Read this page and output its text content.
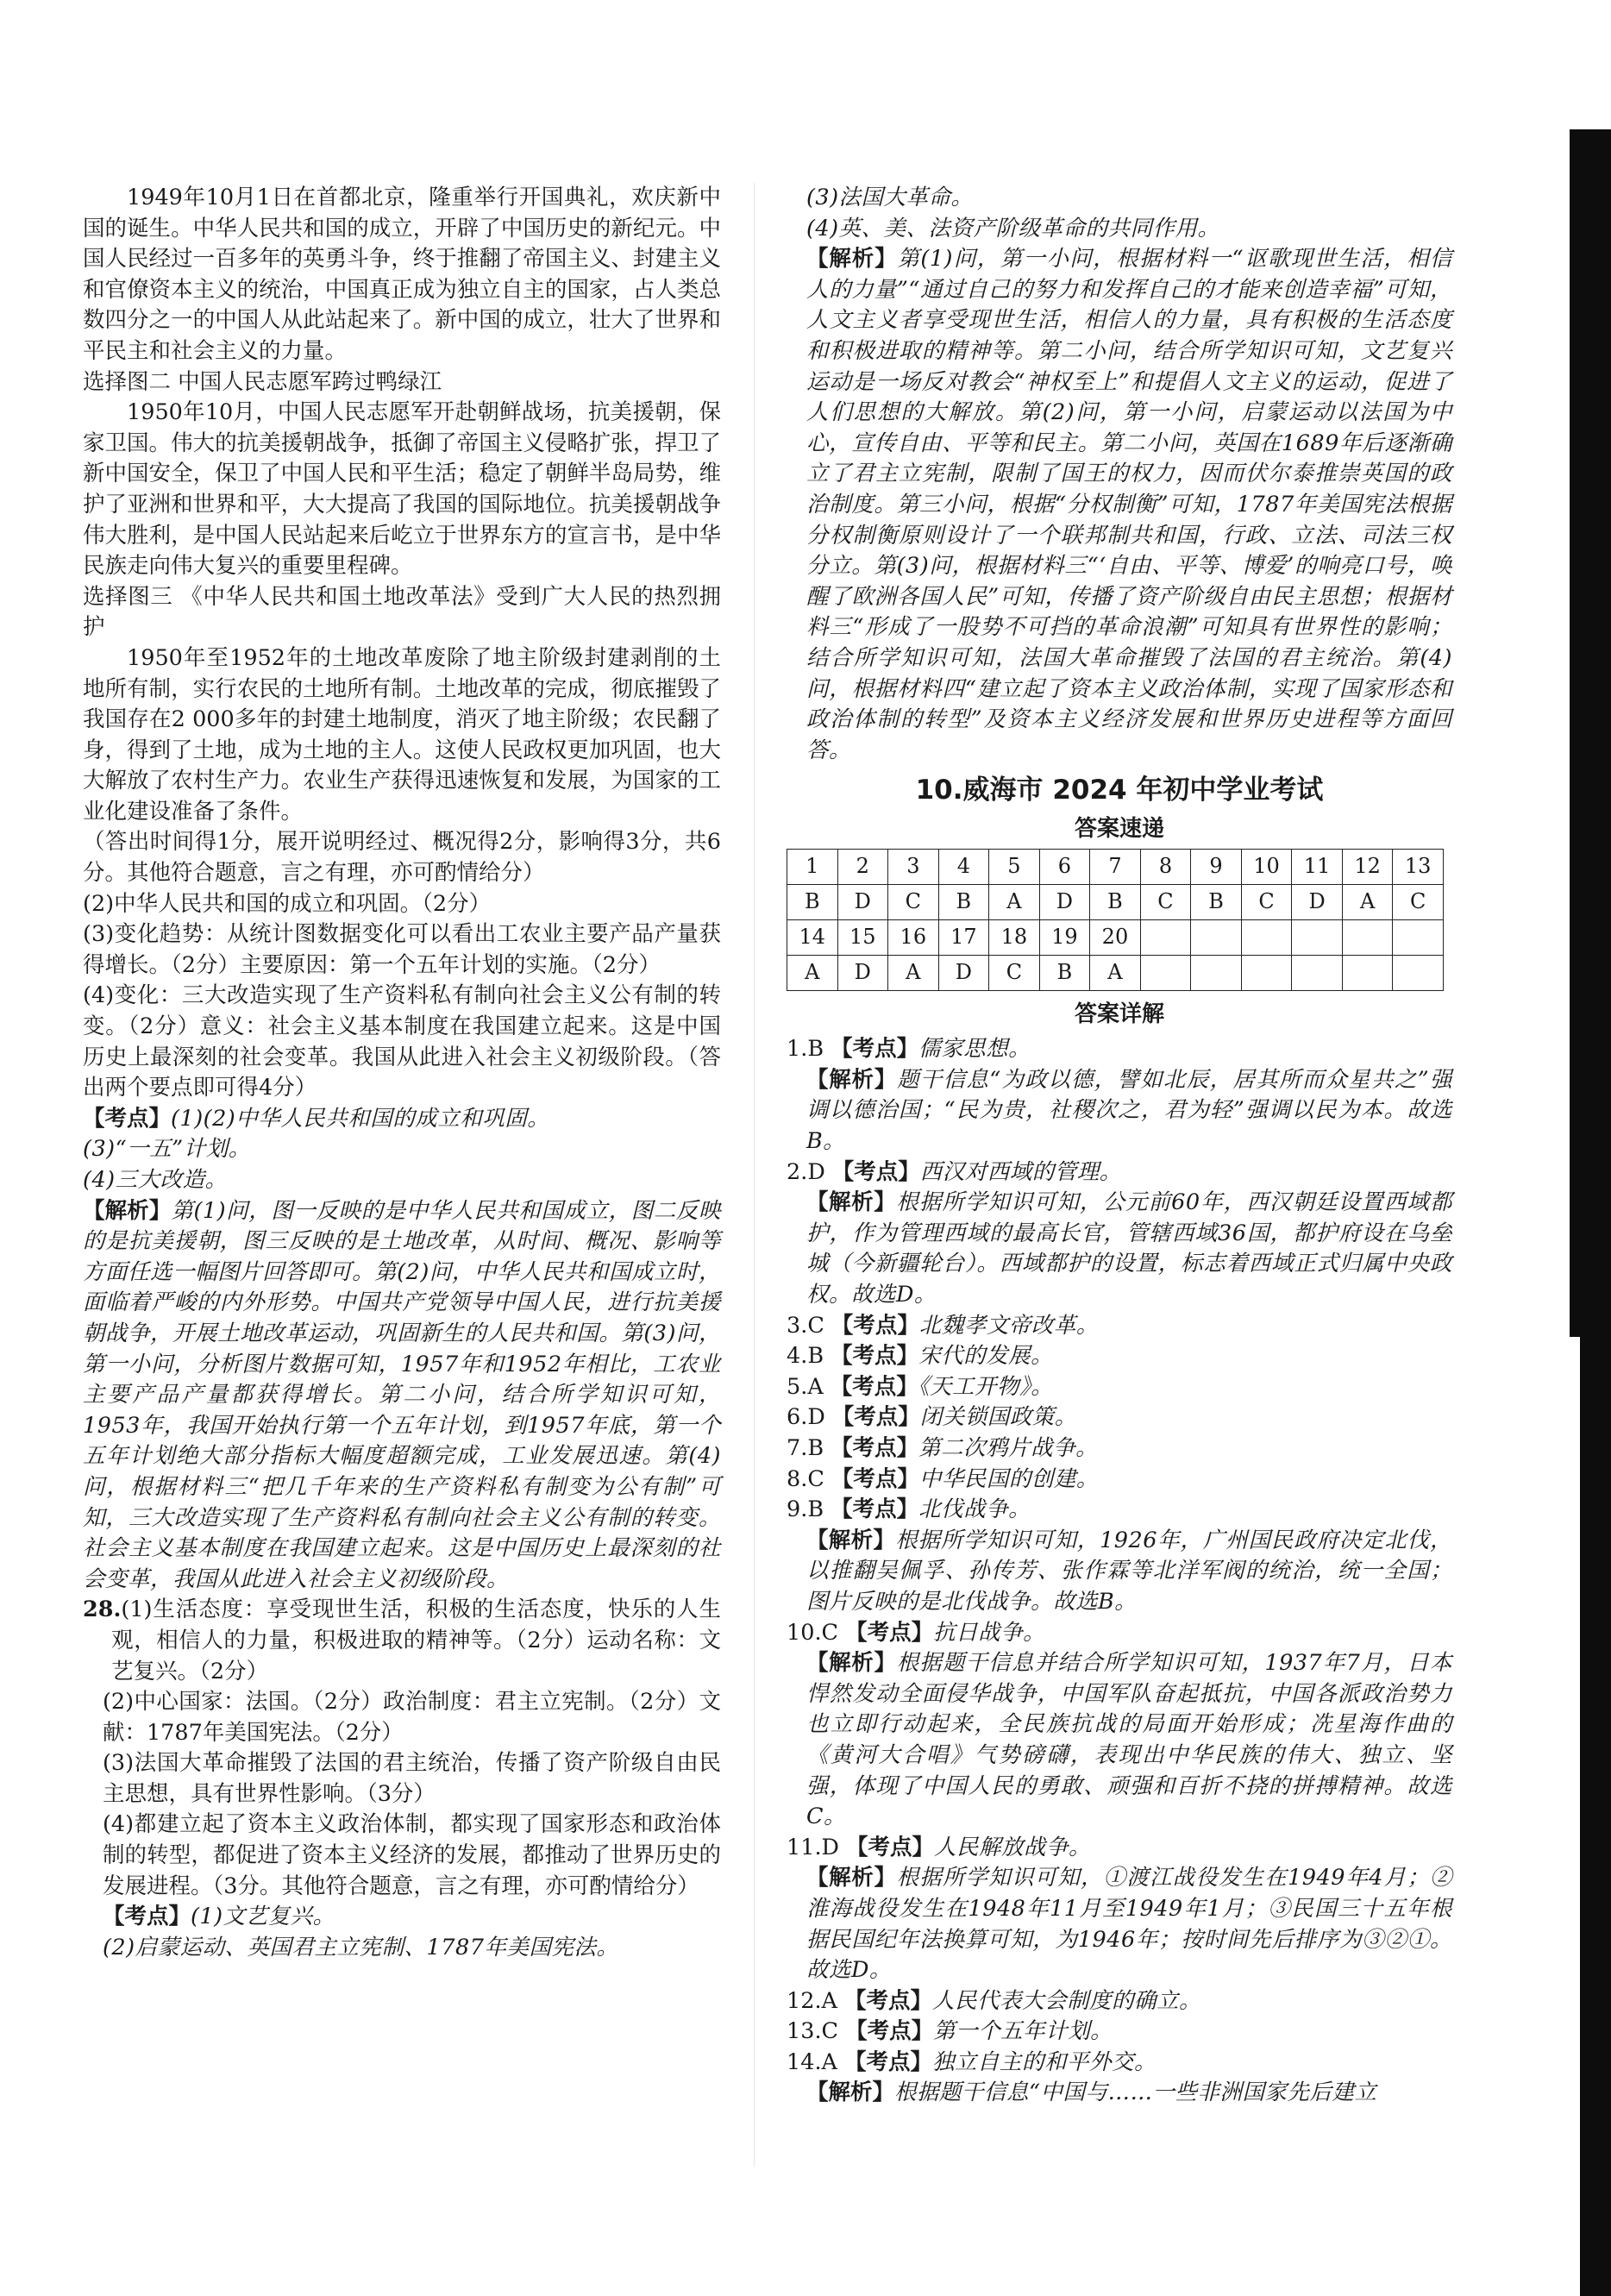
1949年10月1日在首都北京，隆重举行开国典礼，欢庆新中国的诞生。中华人民共和国的成立，开辟了中国历史的新纪元。中国人民经过一百多年的英勇斗争，终于推翻了帝国主义、封建主义和官僚资本主义的统治，中国真正成为独立自主的国家，占人类总数四分之一的中国人从此站起来了。新中国的成立，壮大了世界和平民主和社会主义的力量。

选择图二 中国人民志愿军跨过鸭绿江

1950年10月，中国人民志愿军开赴朝鲜战场，抗美援朝，保家卫国。伟大的抗美援朝战争，抵御了帝国主义侵略扩张，捍卫了新中国安全，保卫了中国人民和平生活；稳定了朝鲜半岛局势，维护了亚洲和世界和平，大大提高了我国的国际地位。抗美援朝战争伟大胜利，是中国人民站起来后屹立于世界东方的宣言书，是中华民族走向伟大复兴的重要里程碑。

选择图三 《中华人民共和国土地改革法》受到广大人民的热烈拥护

1950年至1952年的土地改革废除了地主阶级封建剥削的土地所有制，实行农民的土地所有制。土地改革的完成，彻底摧毁了我国存在2 000多年的封建土地制度，消灭了地主阶级；农民翻了身，得到了土地，成为土地的主人。这使人民政权更加巩固，也大大解放了农村生产力。农业生产获得迅速恢复和发展，为国家的工业化建设准备了条件。

（答出时间得1分，展开说明经过、概况得2分，影响得3分，共6分。其他符合题意，言之有理，亦可酌情给分）

(2)中华人民共和国的成立和巩固。（2分）

(3)变化趋势：从统计图数据变化可以看出工农业主要产品产量获得增长。（2分）主要原因：第一个五年计划的实施。（2分）

(4)变化：三大改造实现了生产资料私有制向社会主义公有制的转变。（2分）意义：社会主义基本制度在我国建立起来。这是中国历史上最深刻的社会变革。我国从此进入社会主义初级阶段。（答出两个要点即可得4分）

【考点】(1)(2)中华人民共和国的成立和巩固。

(3)“一五”计划。

(4)三大改造。

【解析】第(1)问，图一反映的是中华人民共和国成立，图二反映的是抗美援朝，图三反映的是土地改革，从时间、概况、影响等方面任选一幅图片回答即可。第(2)问，中华人民共和国成立时，面临着严峻的内外形势。中国共产党领导中国人民，进行抗美援朝战争，开展土地改革运动，巩固新生的人民共和国。第(3)问，第一小问，分析图片数据可知，1957年和1952年相比，工农业主要产品产量都获得增长。第二小问，结合所学知识可知，1953年，我国开始执行第一个五年计划，到1957年底，第一个五年计划绝大部分指标大幅度超额完成，工业发展迅速。第(4)问，根据材料三“把几千年来的生产资料私有制变为公有制”可知，三大改造实现了生产资料私有制向社会主义公有制的转变。社会主义基本制度在我国建立起来。这是中国历史上最深刻的社会变革，我国从此进入社会主义初级阶段。

28.(1)生活态度：享受现世生活，积极的生活态度，快乐的人生观，相信人的力量，积极进取的精神等。（2分）运动名称：文艺复兴。（2分）

(2)中心国家：法国。（2分）政治制度：君主立宪制。（2分）文献：1787年美国宪法。（2分）

(3)法国大革命摧毁了法国的君主统治，传播了资产阶级自由民主思想，具有世界性影响。（3分）

(4)都建立起了资本主义政治体制，都实现了国家形态和政治体制的转型，都促进了资本主义经济的发展，都推动了世界历史的发展进程。（3分。其他符合题意，言之有理，亦可酌情给分）

【考点】(1)文艺复兴。

(2)启蒙运动、英国君主立宪制、1787年美国宪法。

(3)法国大革命。

(4)英、美、法资产阶级革命的共同作用。

【解析】第(1)问，第一小问，根据材料一“讴歌现世生活，相信人的力量”“通过自己的努力和发挥自己的才能来创造幸福”可知，人文主义者享受现世生活，相信人的力量，具有积极的生活态度和积极进取的精神等。第二小问，结合所学知识可知，文艺复兴运动是一场反对教会“神权至上”和提倡人文主义的运动，促进了人们思想的大解放。第(2)问，第一小问，启蒙运动以法国为中心，宣传自由、平等和民主。第二小问，英国在1689年后逐渐确立了君主立宪制，限制了国王的权力，因而伏尔泰推崇英国的政治制度。第三小问，根据“分权制衡”可知，1787年美国宪法根据分权制衡原则设计了一个联邦制共和国，行政、立法、司法三权分立。第(3)问，根据材料三“‘自由、平等、博爱’的响亮口号，唤醒了欧洲各国人民”可知，传播了资产阶级自由民主思想；根据材料三“形成了一股势不可挡的革命浪潮”可知具有世界性的影响；结合所学知识可知，法国大革命摧毁了法国的君主统治。第(4)问，根据材料四“建立起了资本主义政治体制，实现了国家形态和政治体制的转型”及资本主义经济发展和世界历史进程等方面回答。

10.威海市 2024 年初中学业考试
答案速递
1	2	3	4	5	6	7	8	9	10	11	12	13
B	D	C	B	A	D	B	C	B	C	D	A	C
14	15	16	17	18	19	20						
A	D	A	D	C	B	A						
答案详解

1.B 【考点】儒家思想。

【解析】题干信息“为政以德，譬如北辰，居其所而众星共之”强调以德治国；“民为贵，社稷次之，君为轻”强调以民为本。故选B。

2.D 【考点】西汉对西域的管理。

【解析】根据所学知识可知，公元前60年，西汉朝廷设置西域都护，作为管理西域的最高长官，管辖西域36国，都护府设在乌垒城（今新疆轮台）。西域都护的设置，标志着西域正式归属中央政权。故选D。

3.C 【考点】北魏孝文帝改革。

4.B 【考点】宋代的发展。

5.A 【考点】《天工开物》。

6.D 【考点】闭关锁国政策。

7.B 【考点】第二次鸦片战争。

8.C 【考点】中华民国的创建。

9.B 【考点】北伐战争。

【解析】根据所学知识可知，1926年，广州国民政府决定北伐，以推翻吴佩孚、孙传芳、张作霖等北洋军阀的统治，统一全国；图片反映的是北伐战争。故选B。

10.C 【考点】抗日战争。

【解析】根据题干信息并结合所学知识可知，1937年7月，日本悍然发动全面侵华战争，中国军队奋起抵抗，中国各派政治势力也立即行动起来，全民族抗战的局面开始形成；冼星海作曲的《黄河大合唱》气势磅礴，表现出中华民族的伟大、独立、坚强，体现了中国人民的勇敢、顽强和百折不挠的拼搏精神。故选C。

11.D 【考点】人民解放战争。

【解析】根据所学知识可知，①渡江战役发生在1949年4月；②淮海战役发生在1948年11月至1949年1月；③民国三十五年根据民国纪年法换算可知，为1946年；按时间先后排序为③②①。故选D。

12.A 【考点】人民代表大会制度的确立。

13.C 【考点】第一个五年计划。

14.A 【考点】独立自主的和平外交。

【解析】根据题干信息“中国与……一些非洲国家先后建立
